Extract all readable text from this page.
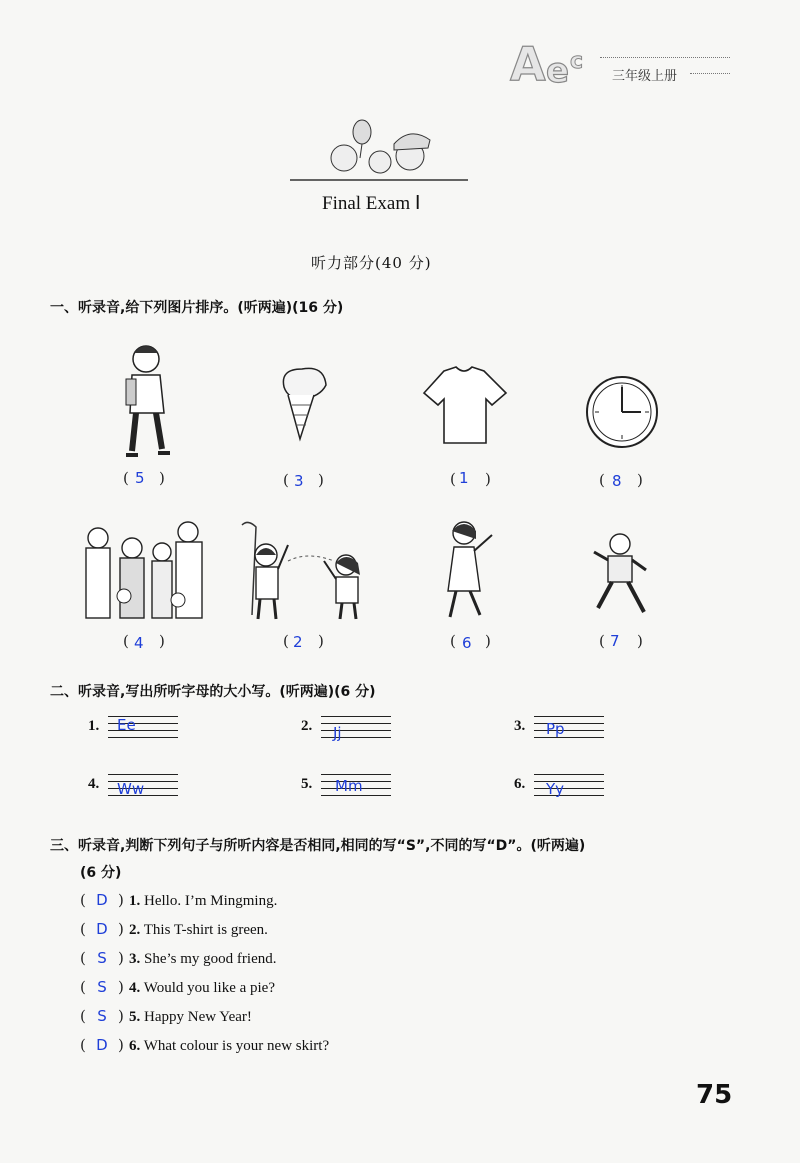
A e c
三年级上册
Final Exam Ⅰ
听力部分(40 分)
一、听录音,给下列图片排序。(听两遍)(16 分)
( 5 )	( 3 )	( 1 )	( 8 )
( 4 )	( 2 )	( 6 )	( 7 )
二、听录音,写出所听字母的大小写。(听两遍)(6 分)
1. Ee	2. Jj	3. Pp
4. Ww	5. Mm	6. Yy
三、听录音,判断下列句子与所听内容是否相同,相同的写“S”,不同的写“D”。(听两遍)
(6 分)
( D ) 1. Hello. I’m Mingming.
( D ) 2. This T-shirt is green.
( S ) 3. She’s my good friend.
( S ) 4. Would you like a pie?
( S ) 5. Happy New Year!
( D ) 6. What colour is your new skirt?
75
